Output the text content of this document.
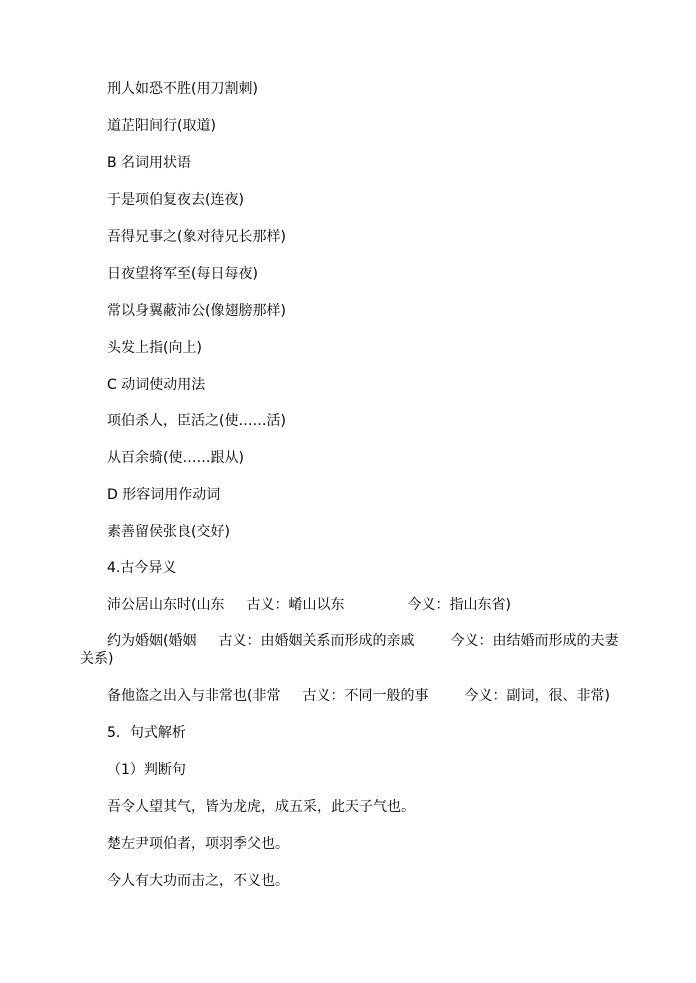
刑人如恐不胜(用刀割刺)
道芷阳间行(取道)
B 名词用状语
于是项伯复夜去(连夜)
吾得兄事之(象对待兄长那样)
日夜望将军至(每日每夜)
常以身翼蔽沛公(像翅膀那样)
头发上指(向上)
C 动词使动用法
项伯杀人，臣活之(使……活)
从百余骑(使……跟从)
D 形容词用作动词
素善留侯张良(交好)
4.古今异义
沛公居山东时(山东 古义：崤山以东	今义：指山东省)
约为婚姻(婚姻 古义：由婚姻关系而形成的亲戚	今义：由结婚而形成的夫妻
关系)
备他盗之出入与非常也(非常 古义：不同一般的事	今义：副词，很、非常)
5．句式解析
（1）判断句
吾令人望其气，皆为龙虎，成五采，此天子气也。
楚左尹项伯者，项羽季父也。
今人有大功而击之，不义也。
